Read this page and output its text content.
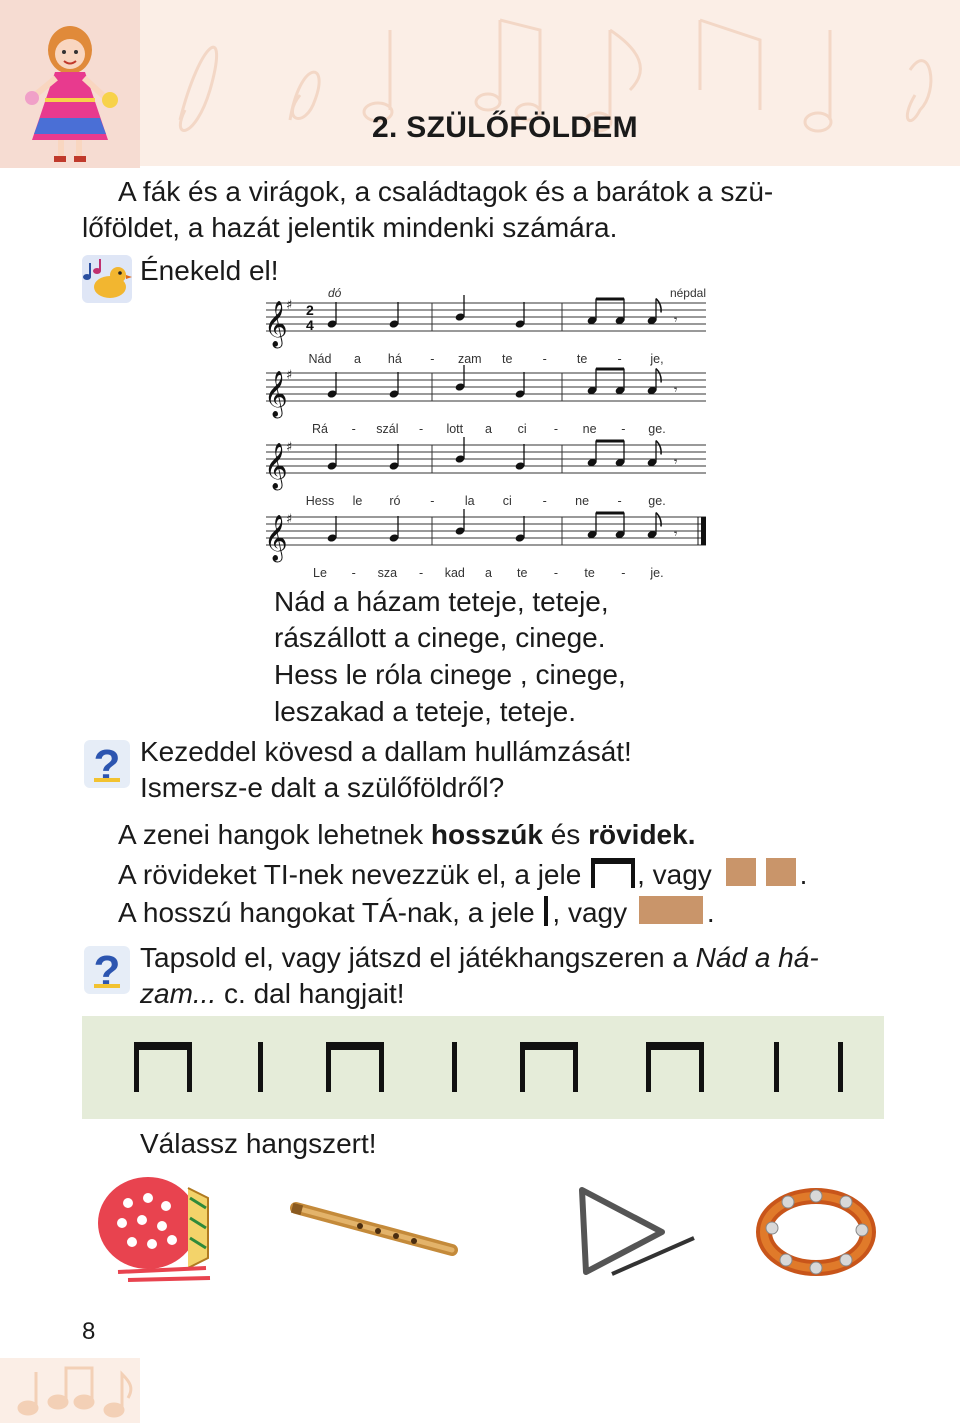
2. SZÜLŐFÖLDEM
A fák és a virágok, a családtagok és a barátok a szü-
lőföldet, a hazát jelentik mindenki számára.
Énekeld el!
dó	népdal
𝄞
♯ 2
4	𝄾
Nád a há - zam te - te - je,
𝄞
♯
𝄾
Rá - szál - lott a ci - ne - ge.
𝄞
♯
𝄾
Hess le ró - la ci - ne - ge.
𝄞
♯
𝄾
Le - sza - kad a te - te - je.
Nád a házam teteje, teteje,
rászállott a cinege, cinege.
Hess le róla cinege , cinege,
leszakad a teteje, teteje.
? Kezeddel kövesd a dallam hullámzását!
Ismersz-e dalt a szülőföldről?
A zenei hangok lehetnek hosszúk és rövidek.
A rövideket TI-nek nevezzük el, a jele , vagy	.
A hosszú hangokat TÁ-nak, a jele , vagy	.
? Tapsold el, vagy játszd el játékhangszeren a Nád a há-
zam... c. dal hangjait!
Válassz hangszert!
8
